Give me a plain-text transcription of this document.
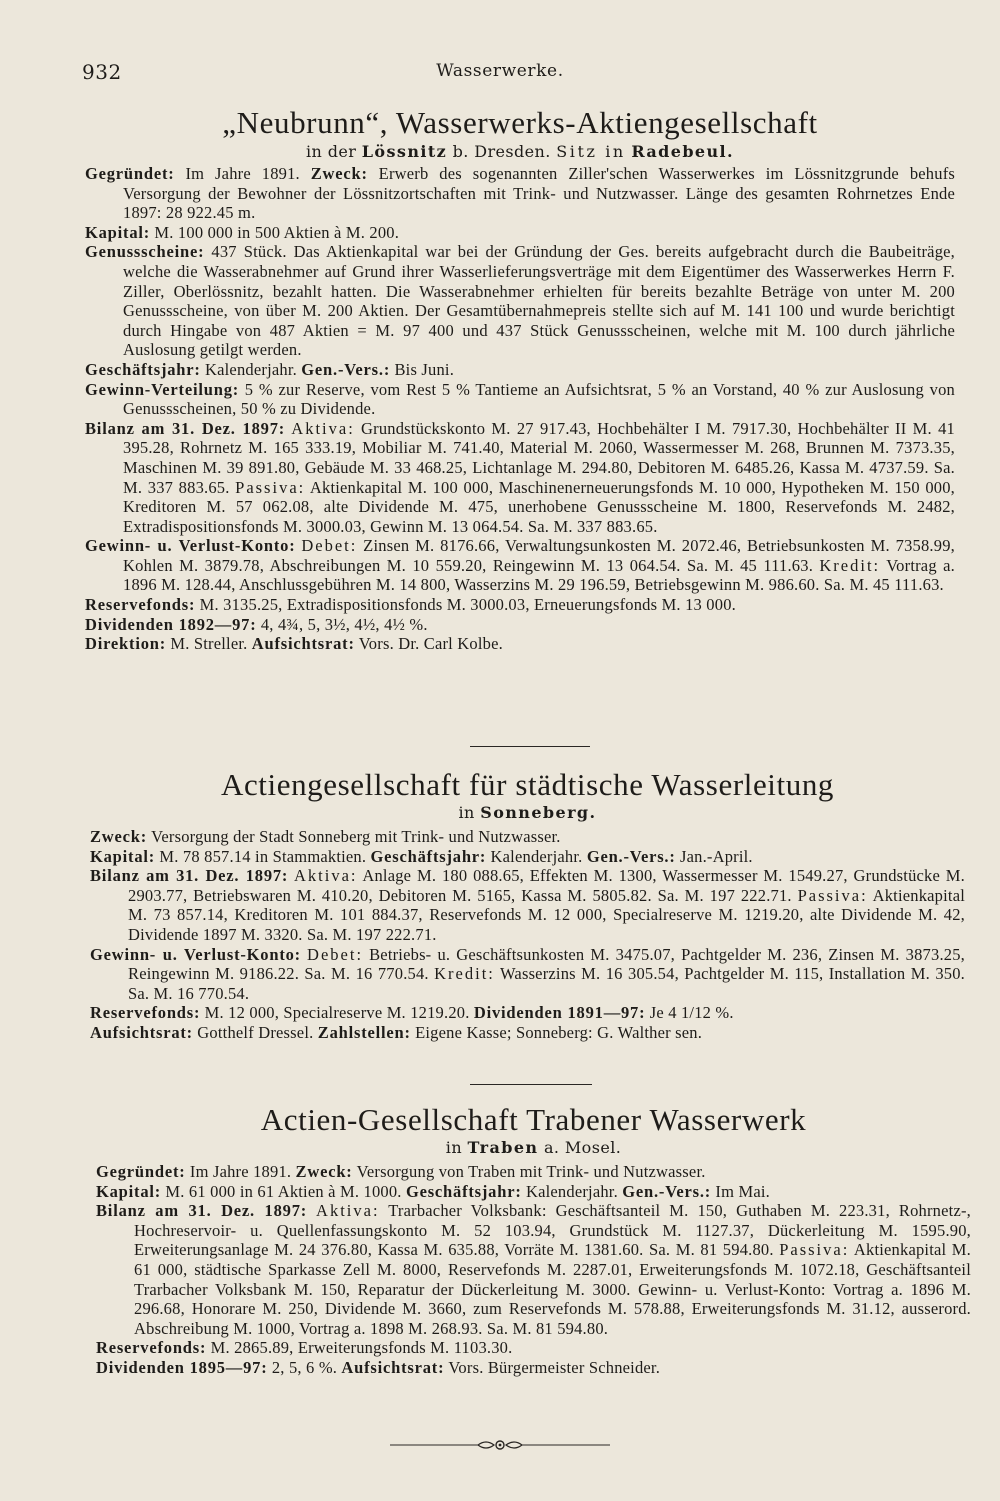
932	Wasserwerke.
„Neubrunn“, Wasserwerks-Aktiengesellschaft
in der Lössnitz b. Dresden. Sitz in Radebeul.

Gegründet: Im Jahre 1891. Zweck: Erwerb des sogenannten Ziller'schen Wasserwerkes im Lössnitzgrunde behufs Versorgung der Bewohner der Lössnitzortschaften mit Trink- und Nutzwasser. Länge des gesamten Rohrnetzes Ende 1897: 28 922.45 m.

Kapital: M. 100 000 in 500 Aktien à M. 200.

Genussscheine: 437 Stück. Das Aktienkapital war bei der Gründung der Ges. bereits aufgebracht durch die Baubeiträge, welche die Wasserabnehmer auf Grund ihrer Wasserlieferungsverträge mit dem Eigentümer des Wasserwerkes Herrn F. Ziller, Oberlössnitz, bezahlt hatten. Die Wasserabnehmer erhielten für bereits bezahlte Beträge von unter M. 200 Genussscheine, von über M. 200 Aktien. Der Gesamtübernahmepreis stellte sich auf M. 141 100 und wurde berichtigt durch Hingabe von 487 Aktien = M. 97 400 und 437 Stück Genussscheinen, welche mit M. 100 durch jährliche Auslosung getilgt werden.

Geschäftsjahr: Kalenderjahr. Gen.-Vers.: Bis Juni.

Gewinn-Verteilung: 5 % zur Reserve, vom Rest 5 % Tantieme an Aufsichtsrat, 5 % an Vorstand, 40 % zur Auslosung von Genussscheinen, 50 % zu Dividende.

Bilanz am 31. Dez. 1897: Aktiva: Grundstückskonto M. 27 917.43, Hochbehälter I M. 7917.30, Hochbehälter II M. 41 395.28, Rohrnetz M. 165 333.19, Mobiliar M. 741.40, Material M. 2060, Wassermesser M. 268, Brunnen M. 7373.35, Maschinen M. 39 891.80, Gebäude M. 33 468.25, Lichtanlage M. 294.80, Debitoren M. 6485.26, Kassa M. 4737.59. Sa. M. 337 883.65. Passiva: Aktienkapital M. 100 000, Maschinenerneuerungsfonds M. 10 000, Hypotheken M. 150 000, Kreditoren M. 57 062.08, alte Dividende M. 475, unerhobene Genussscheine M. 1800, Reservefonds M. 2482, Extradispositionsfonds M. 3000.03, Gewinn M. 13 064.54. Sa. M. 337 883.65.

Gewinn- u. Verlust-Konto: Debet: Zinsen M. 8176.66, Verwaltungsunkosten M. 2072.46, Betriebsunkosten M. 7358.99, Kohlen M. 3879.78, Abschreibungen M. 10 559.20, Reingewinn M. 13 064.54. Sa. M. 45 111.63. Kredit: Vortrag a. 1896 M. 128.44, Anschlussgebühren M. 14 800, Wasserzins M. 29 196.59, Betriebsgewinn M. 986.60. Sa. M. 45 111.63.

Reservefonds: M. 3135.25, Extradispositionsfonds M. 3000.03, Erneuerungsfonds M. 13 000.

Dividenden 1892—97: 4, 4¾, 5, 3½, 4½, 4½ %.

Direktion: M. Streller. Aufsichtsrat: Vors. Dr. Carl Kolbe.

Actiengesellschaft für städtische Wasserleitung
in Sonneberg.

Zweck: Versorgung der Stadt Sonneberg mit Trink- und Nutzwasser.

Kapital: M. 78 857.14 in Stammaktien. Geschäftsjahr: Kalenderjahr. Gen.-Vers.: Jan.-April.

Bilanz am 31. Dez. 1897: Aktiva: Anlage M. 180 088.65, Effekten M. 1300, Wassermesser M. 1549.27, Grundstücke M. 2903.77, Betriebswaren M. 410.20, Debitoren M. 5165, Kassa M. 5805.82. Sa. M. 197 222.71. Passiva: Aktienkapital M. 73 857.14, Kreditoren M. 101 884.37, Reservefonds M. 12 000, Specialreserve M. 1219.20, alte Dividende M. 42, Dividende 1897 M. 3320. Sa. M. 197 222.71.

Gewinn- u. Verlust-Konto: Debet: Betriebs- u. Geschäftsunkosten M. 3475.07, Pachtgelder M. 236, Zinsen M. 3873.25, Reingewinn M. 9186.22. Sa. M. 16 770.54. Kredit: Wasserzins M. 16 305.54, Pachtgelder M. 115, Installation M. 350. Sa. M. 16 770.54.

Reservefonds: M. 12 000, Specialreserve M. 1219.20. Dividenden 1891—97: Je 4 1/12 %.

Aufsichtsrat: Gotthelf Dressel. Zahlstellen: Eigene Kasse; Sonneberg: G. Walther sen.

Actien-Gesellschaft Trabener Wasserwerk
in Traben a. Mosel.

Gegründet: Im Jahre 1891. Zweck: Versorgung von Traben mit Trink- und Nutzwasser.

Kapital: M. 61 000 in 61 Aktien à M. 1000. Geschäftsjahr: Kalenderjahr. Gen.-Vers.: Im Mai.

Bilanz am 31. Dez. 1897: Aktiva: Trarbacher Volksbank: Geschäftsanteil M. 150, Guthaben M. 223.31, Rohrnetz-, Hochreservoir- u. Quellenfassungskonto M. 52 103.94, Grundstück M. 1127.37, Dückerleitung M. 1595.90, Erweiterungsanlage M. 24 376.80, Kassa M. 635.88, Vorräte M. 1381.60. Sa. M. 81 594.80. Passiva: Aktienkapital M. 61 000, städtische Sparkasse Zell M. 8000, Reservefonds M. 2287.01, Erweiterungsfonds M. 1072.18, Geschäftsanteil Trarbacher Volksbank M. 150, Reparatur der Dückerleitung M. 3000. Gewinn- u. Verlust-Konto: Vortrag a. 1896 M. 296.68, Honorare M. 250, Dividende M. 3660, zum Reservefonds M. 578.88, Erweiterungsfonds M. 31.12, ausserord. Abschreibung M. 1000, Vortrag a. 1898 M. 268.93. Sa. M. 81 594.80.

Reservefonds: M. 2865.89, Erweiterungsfonds M. 1103.30.

Dividenden 1895—97: 2, 5, 6 %. Aufsichtsrat: Vors. Bürgermeister Schneider.
